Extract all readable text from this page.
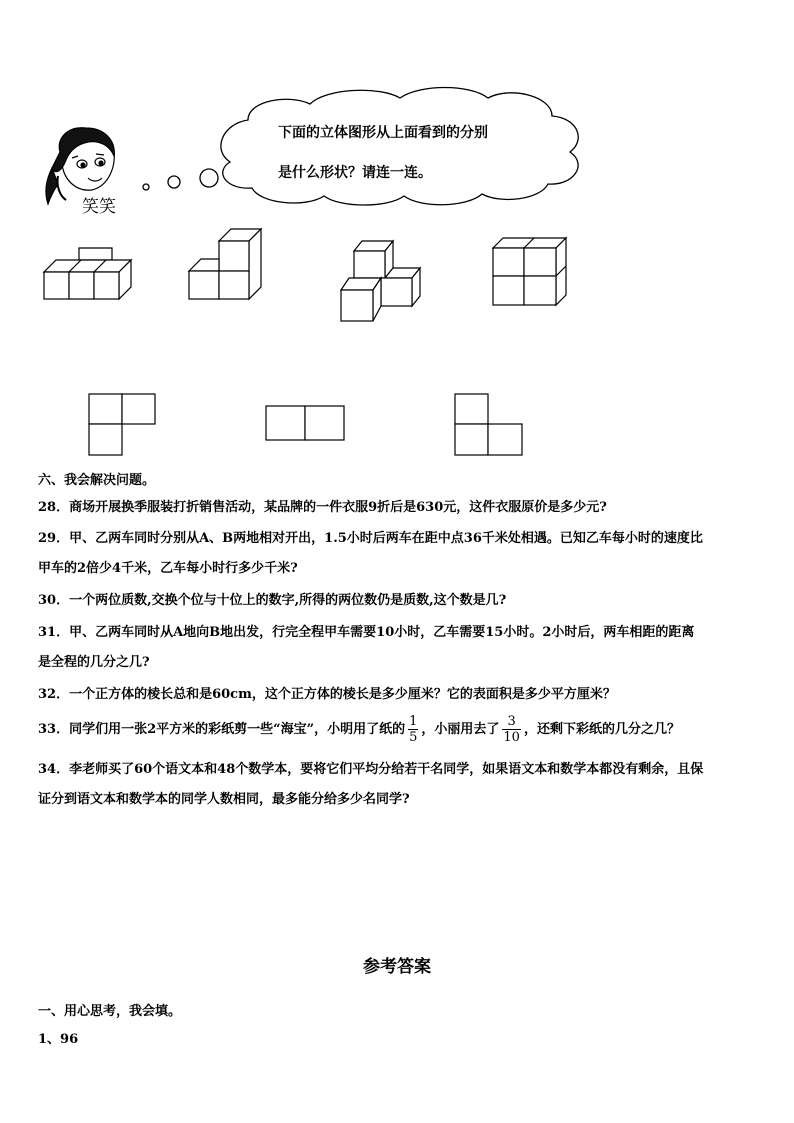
笑笑
下面的立体图形从上面看到的分别
是什么形状？请连一连。
六、我会解决问题。
28．商场开展换季服装打折销售活动，某品牌的一件衣服9折后是630元，这件衣服原价是多少元?
29．甲、乙两车同时分别从A、B两地相对开出，1.5小时后两车在距中点36千米处相遇。已知乙车每小时的速度比
甲车的2倍少4千米，乙车每小时行多少千米?
30．一个两位质数,交换个位与十位上的数字,所得的两位数仍是质数,这个数是几?
31．甲、乙两车同时从A地向B地出发，行完全程甲车需要10小时，乙车需要15小时。2小时后，两车相距的距离
是全程的几分之几?
32．一个正方体的棱长总和是60cm，这个正方体的棱长是多少厘米？它的表面积是多少平方厘米？
33．同学们用一张2平方米的彩纸剪一些“海宝”，小明用了纸的 $\frac{1}{5}$ ，小丽用去了 $\frac{3}{10}$ ，还剩下彩纸的几分之几？
34．李老师买了60个语文本和48个数学本，要将它们平均分给若干名同学，如果语文本和数学本都没有剩余，且保
证分到语文本和数学本的同学人数相同，最多能分给多少名同学?
参考答案
一、用心思考，我会填。
1、96
